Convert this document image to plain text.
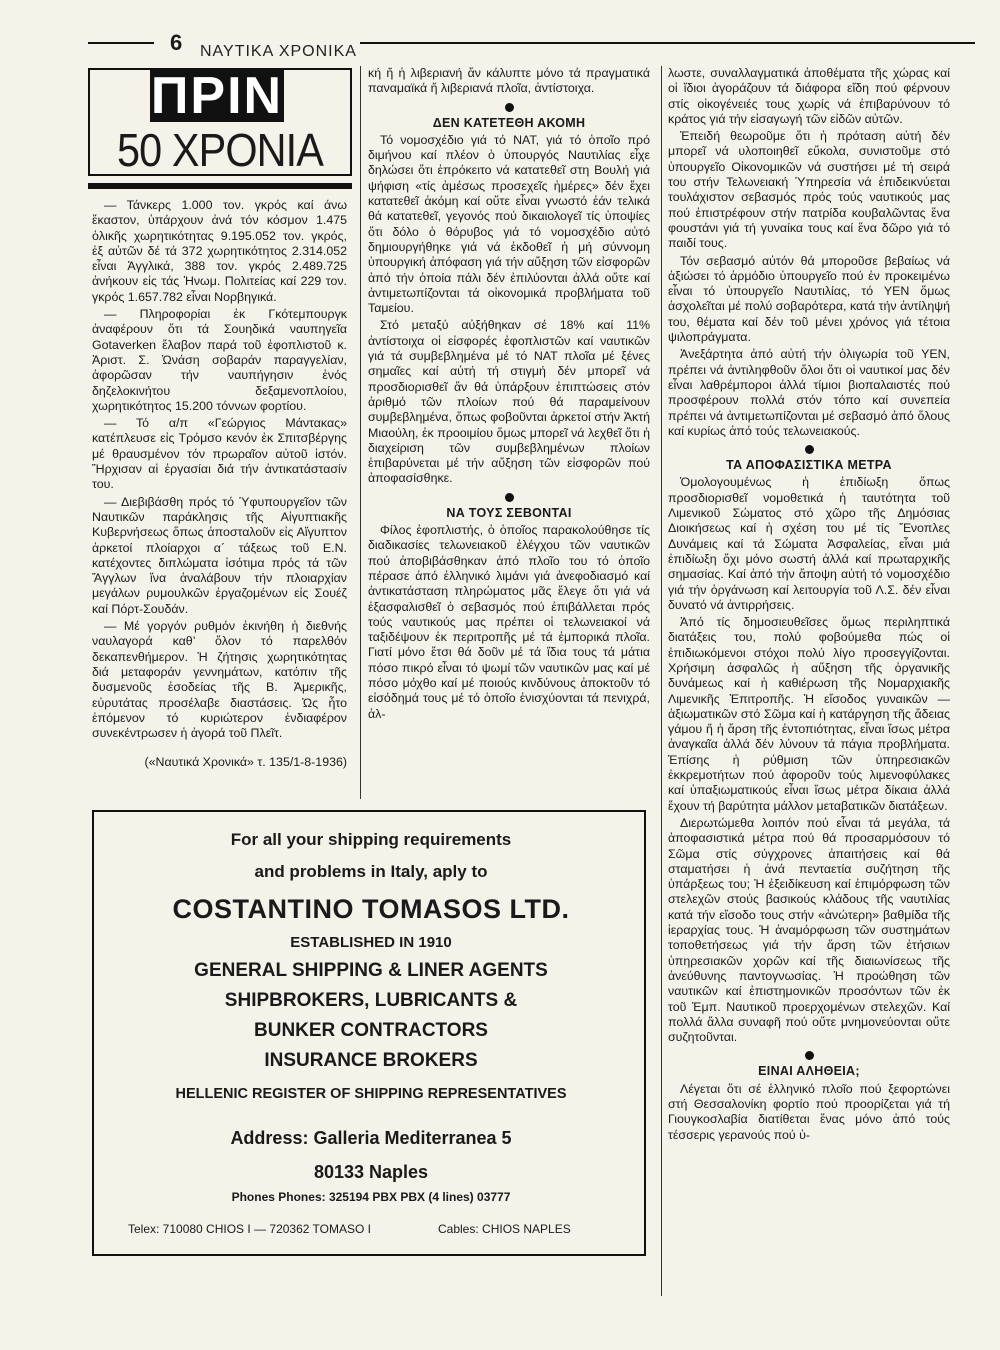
6 ΝΑΥΤΙΚΑ ΧΡΟΝΙΚΑ
ΠΡΙΝ
50 ΧΡΟΝΙΑ

— Τάνκερς 1.000 τον. γκρός καί άνω ἕκαστον, ὑπάρχουν ἀνά τόν κόσμον 1.475 ὁλικῆς χωρητικότητας 9.195.052 τον. γκρός, ἐξ αὐτῶν δέ τά 372 χωρητικότητος 2.314.052 εἶναι Ἀγγλικά, 388 τον. γκρός 2.489.725 ἀνήκουν εἰς τάς Ἡνωμ. Πολιτείας καί 229 τον. γκρός 1.657.782 εἶναι Νορβηγικά.

— Πληροφορίαι ἐκ Γκότεμπουργκ ἀναφέρουν ὅτι τά Σουηδικά ναυπηγεῖα Gotaverken ἔλαβον παρά τοῦ ἐφοπλιστοῦ κ. Ἀριστ. Σ. Ὠνάση σοβαράν παραγγελίαν, ἀφορῶσαν τήν ναυπήγησιν ἑνός δηζελοκινήτου δεξαμενοπλοίου, χωρητικότητος 15.200 τόννων φορτίου.

— Τό α/π «Γεώργιος Μάντακας» κατέπλευσε εἰς Τρόμσο κενόν ἐκ Σπιτσβέργης μέ θραυσμένον τόν πρωραῖον αὐτοῦ ἱστόν. Ἤρχισαν αἱ ἐργασίαι διά τήν ἀντικατάστασίν του.

— Διεβιβάσθη πρός τό Ὑφυπουργεῖον τῶν Ναυτικῶν παράκλησις τῆς Αἰγυπτιακῆς Κυβερνήσεως ὅπως ἀποσταλοῦν εἰς Αἴγυπτον ἀρκετοί πλοίαρχοι α΄ τάξεως τοῦ Ε.Ν. κατέχοντες διπλώματα ἰσότιμα πρός τά τῶν Ἄγγλων ἵνα ἀναλάβουν τήν πλοιαρχίαν μεγάλων ρυμουλκῶν ἐργαζομένων εἰς Σουέζ καί Πόρτ-Σουδάν.

— Μέ γοργόν ρυθμόν ἐκινήθη ἡ διεθνής ναυλαγορά καθ’ ὅλον τό παρελθόν δεκαπενθήμερον. Ἡ ζήτησις χωρητικότητας διά μεταφοράν γεννημάτων, κατόπιν τῆς δυσμενοῦς ἐσοδείας τῆς Β. Ἀμερικῆς, εὐρυτάτας προσέλαβε διαστάσεις. Ὡς ἦτο ἑπόμενον τό κυριώτερον ἐνδιαφέρον συνεκέντρωσεν ἡ ἀγορά τοῦ Πλεῖτ.

(«Ναυτικά Χρονικά» τ. 135/1-8-1936)

κή ἤ ἡ λιβεριανή ἄν κάλυπτε μόνο τά πραγματικά παναμαϊκά ἤ λιβεριανά πλοῖα, ἀντίστοιχα.

ΔΕΝ ΚΑΤΕΤΕΘΗ ΑΚΟΜΗ

Τό νομοσχέδιο γιά τό ΝΑΤ, γιά τό ὁποῖο πρό διμήνου καί πλέον ὁ ὑπουργός Ναυτιλίας εἶχε δηλώσει ὅτι ἐπρόκειτο νά κατατεθεῖ στη Βουλή γιά ψήφιση «τίς ἀμέσως προσεχεῖς ἡμέρες» δέν ἔχει κατατεθεῖ ἀκόμη καί οὔτε εἶναι γνωστό ἐάν τελικά θά κατατεθεῖ, γεγονός πού δικαιολογεῖ τίς ὑποψίες ὅτι δόλο ὁ θόρυβος γιά τό νομοσχέδιο αὐτό δημιουργήθηκε γιά νά ἐκδοθεῖ ἡ μή σύννομη ὑπουργική ἀπόφαση γιά τήν αὔξηση τῶν εἰσφορῶν ἀπό τήν ὁποία πάλι δέν ἐπιλύονται ἀλλά οὔτε καί ἀντιμετωπίζονται τά οἰκονομικά προβλήματα τοῦ Ταμείου.

Στό μεταξύ αὐξήθηκαν σέ 18% καί 11% ἀντίστοιχα οἱ εἰσφορές ἐφοπλιστῶν καί ναυτικῶν γιά τά συμβεβλημένα μέ τό ΝΑΤ πλοῖα μέ ξένες σημαῖες καί αὐτή τή στιγμή δέν μπορεῖ νά προσδιορισθεῖ ἄν θά ὑπάρξουν ἐπιπτώσεις στόν ἀριθμό τῶν πλοίων πού θά παραμείνουν συμβεβλημένα, ὅπως φοβοῦνται ἀρκετοί στήν Ἀκτή Μιαούλη, ἐκ προοιμίου ὅμως μπορεῖ νά λεχθεῖ ὅτι ἡ διαχείριση τῶν συμβεβλημένων πλοίων ἐπιβαρύνεται μέ τήν αὔξηση τῶν εἰσφορῶν πού ἀποφασίσθηκε.

ΝΑ ΤΟΥΣ ΣΕΒΟΝΤΑΙ

Φίλος ἐφοπλιστής, ὁ ὁποῖος παρακολούθησε τίς διαδικασίες τελωνειακοῦ ἐλέγχου τῶν ναυτικῶν πού ἀποβιβάσθηκαν ἀπό πλοῖο του τό ὁποῖο πέρασε ἀπό ἑλληνικό λιμάνι γιά ἀνεφοδιασμό καί ἀντικατάσταση πληρώματος μᾶς ἔλεγε ὅτι γιά νά ἐξασφαλισθεῖ ὁ σεβασμός πού ἐπιβάλλεται πρός τούς ναυτικούς μας πρέπει οἱ τελωνειακοί νά ταξιδέψουν ἐκ περιτροπῆς μέ τά ἐμπορικά πλοῖα. Γιατί μόνο ἔτσι θά δοῦν μέ τά ἴδια τους τά μάτια πόσο πικρό εἶναι τό ψωμί τῶν ναυτικῶν μας καί μέ πόσο μόχθο καί μέ ποιούς κινδύνους ἀποκτοῦν τό εἰσόδημά τους μέ τό ὁποῖο ἐνισχύονται τά πενιχρά, ἀλ-

λωστε, συναλλαγματικά ἀποθέματα τῆς χώρας καί οἱ ἴδιοι ἀγοράζουν τά διάφορα εἴδη πού φέρνουν στίς οἰκογένειές τους χωρίς νά ἐπιβαρύνουν τό κράτος γιά τήν εἰσαγωγή τῶν εἰδῶν αὐτῶν.

Ἐπειδή θεωροῦμε ὅτι ἡ πρόταση αὐτή δέν μπορεῖ νά υλοποιηθεῖ εὔκολα, συνιστοῦμε στό ὑπουργεῖο Οἰκονομικῶν νά συστήσει μέ τή σειρά του στήν Τελωνειακή Ὑπηρεσία νά ἐπιδεικνύεται τουλάχιστον σεβασμός πρός τούς ναυτικούς μας πού ἐπιστρέφουν στήν πατρίδα κουβαλῶντας ἕνα φουστάνι γιά τή γυναίκα τους καί ἕνα δῶρο γιά τό παιδί τους.

Τόν σεβασμό αὐτόν θά μποροῦσε βεβαίως νά ἀξιώσει τό ἁρμόδιο ὑπουργεῖο πού ἐν προκειμένω εἶναι τό ὑπουργεῖο Ναυτιλίας, τό ΥΕΝ ὅμως ἀσχολεῖται μέ πολύ σοβαρότερα, κατά τήν ἀντίληψή του, θέματα καί δέν τοῦ μένει χρόνος γιά τέτοια ψιλοπράγματα.

Ἀνεξάρτητα ἀπό αὐτή τήν ὀλιγωρία τοῦ ΥΕΝ, πρέπει νά ἀντιληφθοῦν ὅλοι ὅτι οἱ ναυτικοί μας δέν εἶναι λαθρέμποροι ἀλλά τίμιοι βιοπαλαιστές πού προσφέρουν πολλά στόν τόπο καί συνεπεία πρέπει νά ἀντιμετωπίζονται μέ σεβασμό ἀπό ὅλους καί κυρίως ἀπό τούς τελωνειακούς.

ΤΑ ΑΠΟΦΑΣΙΣΤΙΚΑ ΜΕΤΡΑ

Ὁμολογουμένως ἡ ἐπιδίωξη ὅπως προσδιορισθεῖ νομοθετικά ἡ ταυτότητα τοῦ Λιμενικοῦ Σώματος στό χῶρο τῆς Δημόσιας Διοικήσεως καί ἡ σχέση του μέ τίς Ἔνοπλες Δυνάμεις καί τά Σώματα Ἀσφαλείας, εἶναι μιά ἐπιδίωξη ὄχι μόνο σωστή ἀλλά καί πρωταρχικῆς σημασίας. Καί ἀπό τήν ἄποψη αὐτή τό νομοσχέδιο γιά τήν ὀργάνωση καί λειτουργία τοῦ Λ.Σ. δέν εἶναι δυνατό νά ἀντιρρήσεις.

Ἀπό τίς δημοσιευθεῖσες ὅμως περιληπτικά διατάξεις του, πολύ φοβούμεθα πώς οἱ ἐπιδιωκόμενοι στόχοι πολύ λίγο προσεγγίζονται. Χρήσιμη ἀσφαλῶς ἡ αὔξηση τῆς ὀργανικῆς δυνάμεως καί ἡ καθιέρωση τῆς Νομαρχιακῆς Λιμενικῆς Ἐπιτροπῆς. Ἡ εἴσοδος γυναικῶν — ἀξιωματικῶν στό Σῶμα καί ἡ κατάργηση τῆς ἄδειας γάμου ἤ ἡ ἄρση τῆς ἐντοπιότητας, εἶναι ἴσως μέτρα ἀναγκαῖα ἀλλά δέν λύνουν τά πάγια προβλήματα. Ἐπίσης ἡ ρύθμιση τῶν ὑπηρεσιακῶν ἐκκρεμοτήτων πού ἀφοροῦν τούς λιμενοφύλακες καί ὑπαξιωματικούς εἶναι ἴσως μέτρα δίκαια ἀλλά ἔχουν τή βαρύτητα μάλλον μεταβατικῶν διατάξεων.

Διερωτώμεθα λοιπόν πού εἶναι τά μεγάλα, τά ἀποφασιστικά μέτρα πού θά προσαρμόσουν τό Σῶμα στίς σύγχρονες ἀπαιτήσεις καί θά σταματήσει ἡ ἀνά πενταετία συζήτηση τῆς ὑπάρξεως του; Ἡ ἐξειδίκευση καί ἐπιμόρφωση τῶν στελεχῶν στούς βασικούς κλάδους τῆς ναυτιλίας κατά τήν εἴσοδο τους στήν «ἀνώτερη» βαθμίδα τῆς ἱεραρχίας τους. Ἡ ἀναμόρφωση τῶν συστημάτων τοποθετήσεως γιά τήν ἄρση τῶν ἐτήσιων ὑπηρεσιακῶν χορῶν καί τῆς διαιωνίσεως τῆς ἀνεύθυνης παντογνωσίας. Ἡ προώθηση τῶν ναυτικῶν καί ἐπιστημονικῶν προσόντων τῶν ἐκ τοῦ Ἐμπ. Ναυτικοῦ προερχομένων στελεχῶν. Καί πολλά ἄλλα συναφῆ πού οὔτε μνημονεύονται οὔτε συζητοῦνται.

ΕΙΝΑΙ ΑΛΗΘΕΙΑ;

Λέγεται ὅτι σέ ἑλληνικό πλοῖο πού ξεφορτώνει στή Θεσσαλονίκη φορτίο πού προορίζεται γιά τή Γιουγκοσλαβία διατίθεται ἕνας μόνο ἀπό τούς τέσσερις γερανούς πού ὑ-

For all your shipping requirements
and problems in Italy, aply to
COSTANTINO TOMASOS LTD.
ESTABLISHED IN 1910
GENERAL SHIPPING & LINER AGENTS
SHIPBROKERS, LUBRICANTS &
BUNKER CONTRACTORS
INSURANCE BROKERS
HELLENIC REGISTER OF SHIPPING REPRESENTATIVES
Address: Galleria Mediterranea 5
80133 Naples
Phones Phones: 325194 PBX PBX (4 lines) 03777
Telex: 710080 CHIOS I — 720362 TOMASO I	Cables: CHIOS NAPLES
